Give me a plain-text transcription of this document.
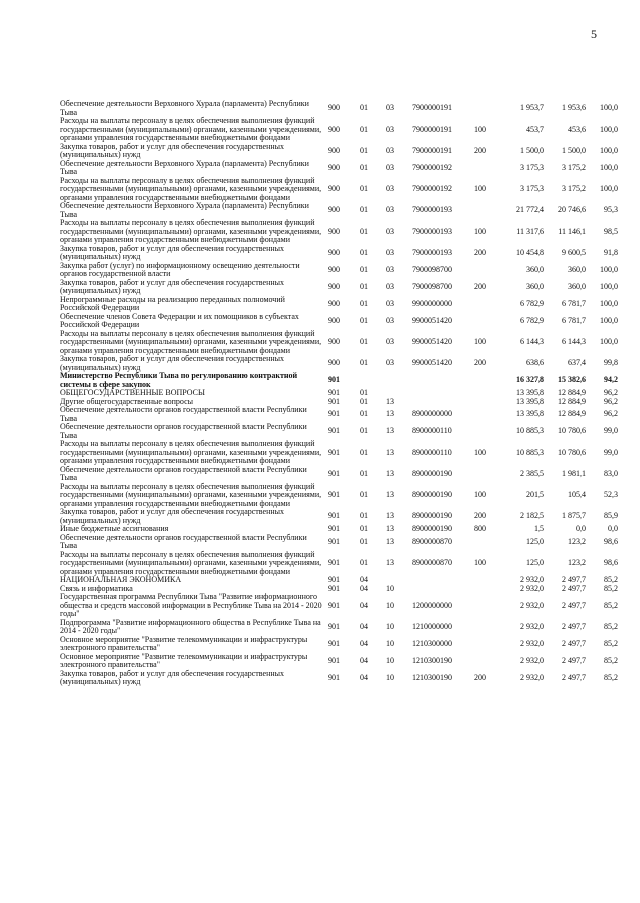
5
Обеспечение деятельности Верховного Хурала (парламента) Республики Тыва	900	01	03	7900000191		1 953,7	1 953,6	100,0
Расходы на выплаты персоналу в целях обеспечения выполнения функций государственными (муниципальными) органами, казенными учреждениями, органами управления государственными внебюджетными фондами	900	01	03	7900000191	100	453,7	453,6	100,0
Закупка товаров, работ и услуг для обеспечения государственных (муниципальных) нужд	900	01	03	7900000191	200	1 500,0	1 500,0	100,0
Обеспечение деятельности Верховного Хурала (парламента) Республики Тыва	900	01	03	7900000192		3 175,3	3 175,2	100,0
Расходы на выплаты персоналу в целях обеспечения выполнения функций государственными (муниципальными) органами, казенными учреждениями, органами управления государственными внебюджетными фондами	900	01	03	7900000192	100	3 175,3	3 175,2	100,0
Обеспечение деятельности Верховного Хурала (парламента) Республики Тыва	900	01	03	7900000193		21 772,4	20 746,6	95,3
Расходы на выплаты персоналу в целях обеспечения выполнения функций государственными (муниципальными) органами, казенными учреждениями, органами управления государственными внебюджетными фондами	900	01	03	7900000193	100	11 317,6	11 146,1	98,5
Закупка товаров, работ и услуг для обеспечения государственных (муниципальных) нужд	900	01	03	7900000193	200	10 454,8	9 600,5	91,8
Закупка работ (услуг) по информационному освещению деятельности органов государственной власти	900	01	03	7900098700		360,0	360,0	100,0
Закупка товаров, работ и услуг для обеспечения государственных (муниципальных) нужд	900	01	03	7900098700	200	360,0	360,0	100,0
Непрограммные расходы на реализацию переданных полномочий Российской Федерации	900	01	03	9900000000		6 782,9	6 781,7	100,0
Обеспечение членов Совета Федерации и их помощников в субъектах Российской Федерации	900	01	03	9900051420		6 782,9	6 781,7	100,0
Расходы на выплаты персоналу в целях обеспечения выполнения функций государственными (муниципальными) органами, казенными учреждениями, органами управления государственными внебюджетными фондами	900	01	03	9900051420	100	6 144,3	6 144,3	100,0
Закупка товаров, работ и услуг для обеспечения государственных (муниципальных) нужд	900	01	03	9900051420	200	638,6	637,4	99,8
Министерство Республики Тыва по регулированию контрактной системы в сфере закупок	901					16 327,8	15 382,6	94,2
ОБЩЕГОСУДАРСТВЕННЫЕ ВОПРОСЫ	901	01				13 395,8	12 884,9	96,2
Другие общегосударственные вопросы	901	01	13			13 395,8	12 884,9	96,2
Обеспечение деятельности органов государственной власти Республики Тыва	901	01	13	8900000000		13 395,8	12 884,9	96,2
Обеспечение деятельности органов государственной власти Республики Тыва	901	01	13	8900000110		10 885,3	10 780,6	99,0
Расходы на выплаты персоналу в целях обеспечения выполнения функций государственными (муниципальными) органами, казенными учреждениями, органами управления государственными внебюджетными фондами	901	01	13	8900000110	100	10 885,3	10 780,6	99,0
Обеспечение деятельности органов государственной власти Республики Тыва	901	01	13	8900000190		2 385,5	1 981,1	83,0
Расходы на выплаты персоналу в целях обеспечения выполнения функций государственными (муниципальными) органами, казенными учреждениями, органами управления государственными внебюджетными фондами	901	01	13	8900000190	100	201,5	105,4	52,3
Закупка товаров, работ и услуг для обеспечения государственных (муниципальных) нужд	901	01	13	8900000190	200	2 182,5	1 875,7	85,9
Иные бюджетные ассигнования	901	01	13	8900000190	800	1,5	0,0	0,0
Обеспечение деятельности органов государственной власти Республики Тыва	901	01	13	8900000870		125,0	123,2	98,6
Расходы на выплаты персоналу в целях обеспечения выполнения функций государственными (муниципальными) органами, казенными учреждениями, органами управления государственными внебюджетными фондами	901	01	13	8900000870	100	125,0	123,2	98,6
НАЦИОНАЛЬНАЯ ЭКОНОМИКА	901	04				2 932,0	2 497,7	85,2
Связь и информатика	901	04	10			2 932,0	2 497,7	85,2
Государственная программа Республики Тыва "Развитие информационного общества и средств массовой информации в Республике Тыва на 2014 - 2020 годы"	901	04	10	1200000000		2 932,0	2 497,7	85,2
Подпрограмма "Развитие информационного общества в Республике Тыва на 2014 - 2020 годы"	901	04	10	1210000000		2 932,0	2 497,7	85,2
Основное мероприятие "Развитие телекоммуникации и инфраструктуры электронного правительства"	901	04	10	1210300000		2 932,0	2 497,7	85,2
Основное мероприятие "Развитие телекоммуникации и инфраструктуры электронного правительства"	901	04	10	1210300190		2 932,0	2 497,7	85,2
Закупка товаров, работ и услуг для обеспечения государственных (муниципальных) нужд	901	04	10	1210300190	200	2 932,0	2 497,7	85,2
